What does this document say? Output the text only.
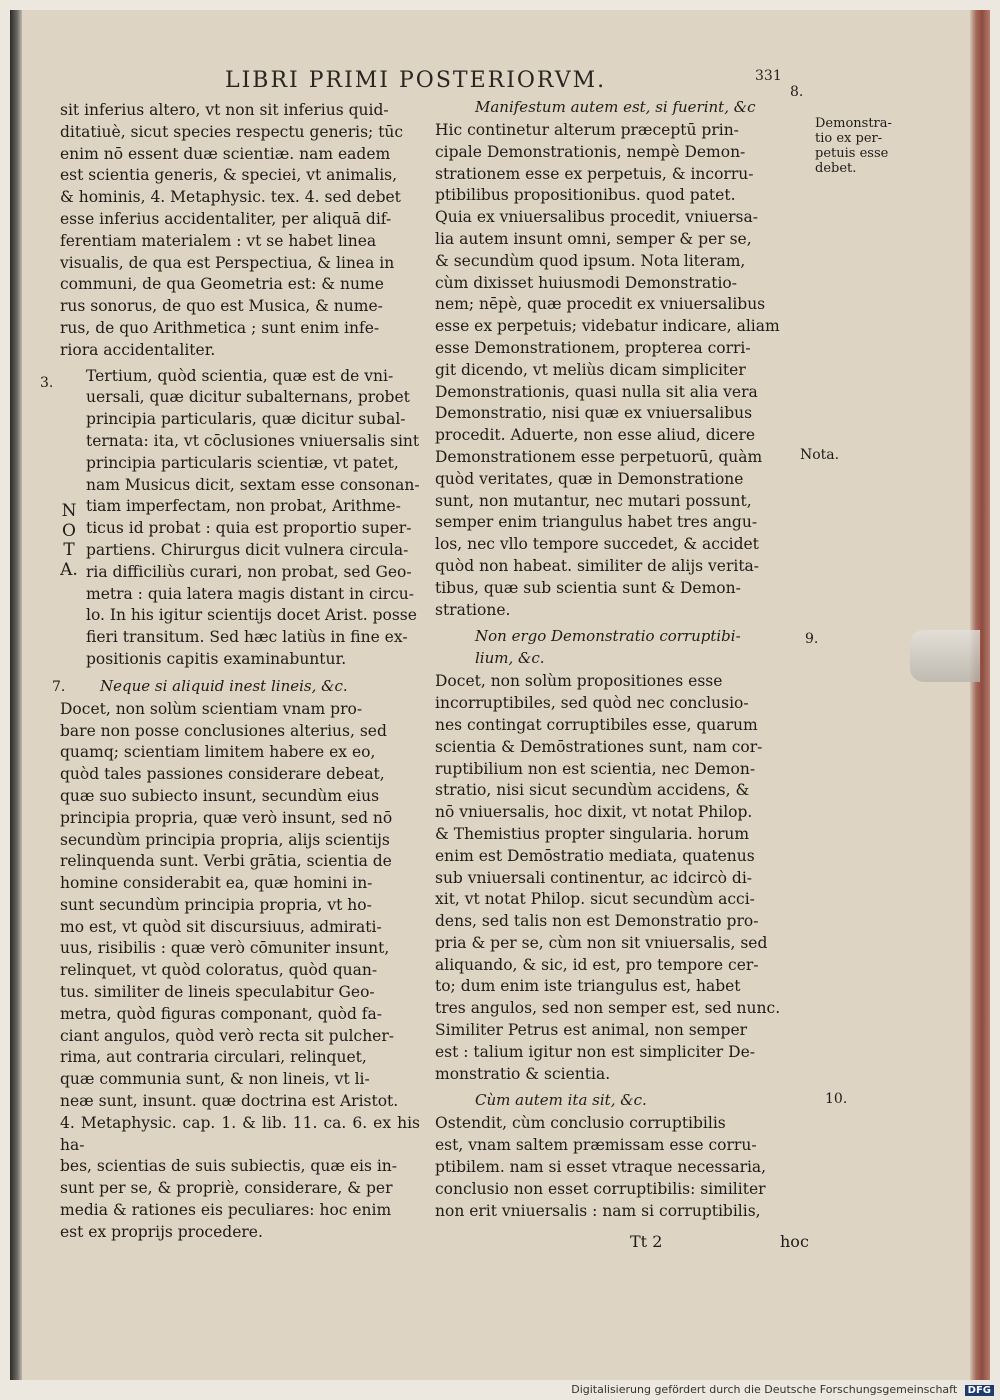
LIBRI PRIMI POSTERIORVM.	331

sit inferius altero, vt non sit inferius quid-
ditatiuè, sicut species respectu generis; tūc
enim nō essent duæ scientiæ. nam eadem
est scientia generis, & speciei, vt animalis,
& hominis, 4. Metaphysic. tex. 4. sed debet
esse inferius accidentaliter, per aliquā dif-
ferentiam materialem : vt se habet linea
visualis, de qua est Perspectiua, & linea in
communi, de qua Geometria est: & nume
rus sonorus, de quo est Musica, & nume-
rus, de quo Arithmetica ; sunt enim infe-
riora accidentaliter.

Tertium, quòd scientia, quæ est de vni-
uersali, quæ dicitur subalternans, probet
principia particularis, quæ dicitur subal-
ternata: ita, vt cōclusiones vniuersalis sint
principia particularis scientiæ, vt patet,
nam Musicus dicit, sextam esse consonan-
tiam imperfectam, non probat, Arithme-
ticus id probat : quia est proportio super-
partiens. Chirurgus dicit vulnera circula-
ria difficiliùs curari, non probat, sed Geo-
metra : quia latera magis distant in circu-
lo. In his igitur scientijs docet Arist. posse
fieri transitum. Sed hæc latiùs in fine ex-
positionis capitis examinabuntur.

Neque si aliquid inest lineis, &c.

Docet, non solùm scientiam vnam pro-
bare non posse conclusiones alterius, sed
quamq; scientiam limitem habere ex eo,
quòd tales passiones considerare debeat,
quæ suo subiecto insunt, secundùm eius
principia propria, quæ verò insunt, sed nō
secundùm principia propria, alijs scientijs
relinquenda sunt. Verbi grātia, scientia de
homine considerabit ea, quæ homini in-
sunt secundùm principia propria, vt ho-
mo est, vt quòd sit discursiuus, admirati-
uus, risibilis : quæ verò cōmuniter insunt,
relinquet, vt quòd coloratus, quòd quan-
tus. similiter de lineis speculabitur Geo-
metra, quòd figuras componant, quòd fa-
ciant angulos, quòd verò recta sit pulcher-
rima, aut contraria circulari, relinquet,
quæ communia sunt, & non lineis, vt li-
neæ sunt, insunt. quæ doctrina est Aristot.
4. Metaphysic. cap. 1. & lib. 11. ca. 6. ex his ha-
bes, scientias de suis subiectis, quæ eis in-
sunt per se, & propriè, considerare, & per
media & rationes eis peculiares: hoc enim
est ex proprijs procedere.

Manifestum autem est, si fuerint, &c

Hic continetur alterum præceptū prin-
cipale Demonstrationis, nempè Demon-
strationem esse ex perpetuis, & incorru-
ptibilibus propositionibus. quod patet.
Quia ex vniuersalibus procedit, vniuersa-
lia autem insunt omni, semper & per se,
& secundùm quod ipsum. Nota literam,
cùm dixisset huiusmodi Demonstratio-
nem; nēpè, quæ procedit ex vniuersalibus
esse ex perpetuis; videbatur indicare, aliam
esse Demonstrationem, propterea corri-
git dicendo, vt meliùs dicam simpliciter
Demonstrationis, quasi nulla sit alia vera
Demonstratio, nisi quæ ex vniuersalibus
procedit. Aduerte, non esse aliud, dicere
Demonstrationem esse perpetuorū, quàm
quòd veritates, quæ in Demonstratione
sunt, non mutantur, nec mutari possunt,
semper enim triangulus habet tres angu-
los, nec vllo tempore succedet, & accidet
quòd non habeat. similiter de alijs verita-
tibus, quæ sub scientia sunt & Demon-
stratione.

Non ergo Demonstratio corruptibi-
lium, &c.

Docet, non solùm propositiones esse
incorruptibiles, sed quòd nec conclusio-
nes contingat corruptibiles esse, quarum
scientia & Demōstrationes sunt, nam cor-
ruptibilium non est scientia, nec Demon-
stratio, nisi sicut secundùm accidens, &
nō vniuersalis, hoc dixit, vt notat Philop.
& Themistius propter singularia. horum
enim est Demōstratio mediata, quatenus
sub vniuersali continentur, ac idcircò di-
xit, vt notat Philop. sicut secundùm acci-
dens, sed talis non est Demonstratio pro-
pria & per se, cùm non sit vniuersalis, sed
aliquando, & sic, id est, pro tempore cer-
to; dum enim iste triangulus est, habet
tres angulos, sed non semper est, sed nunc.
Similiter Petrus est animal, non semper
est : talium igitur non est simpliciter De-
monstratio & scientia.

Cùm autem ita sit, &c.

Ostendit, cùm conclusio corruptibilis
est, vnam saltem præmissam esse corru-
ptibilem. nam si esset vtraque necessaria,
conclusio non esset corruptibilis: similiter
non erit vniuersalis : nam si corruptibilis,

8.
Demonstra-
tio ex per-
petuis esse
debet.
3.
N
O
T
A.
Nota.
7.
9.
10.
Tt 2	hoc
Digitalisierung gefördert durch die Deutsche Forschungsgemeinschaft DFG
